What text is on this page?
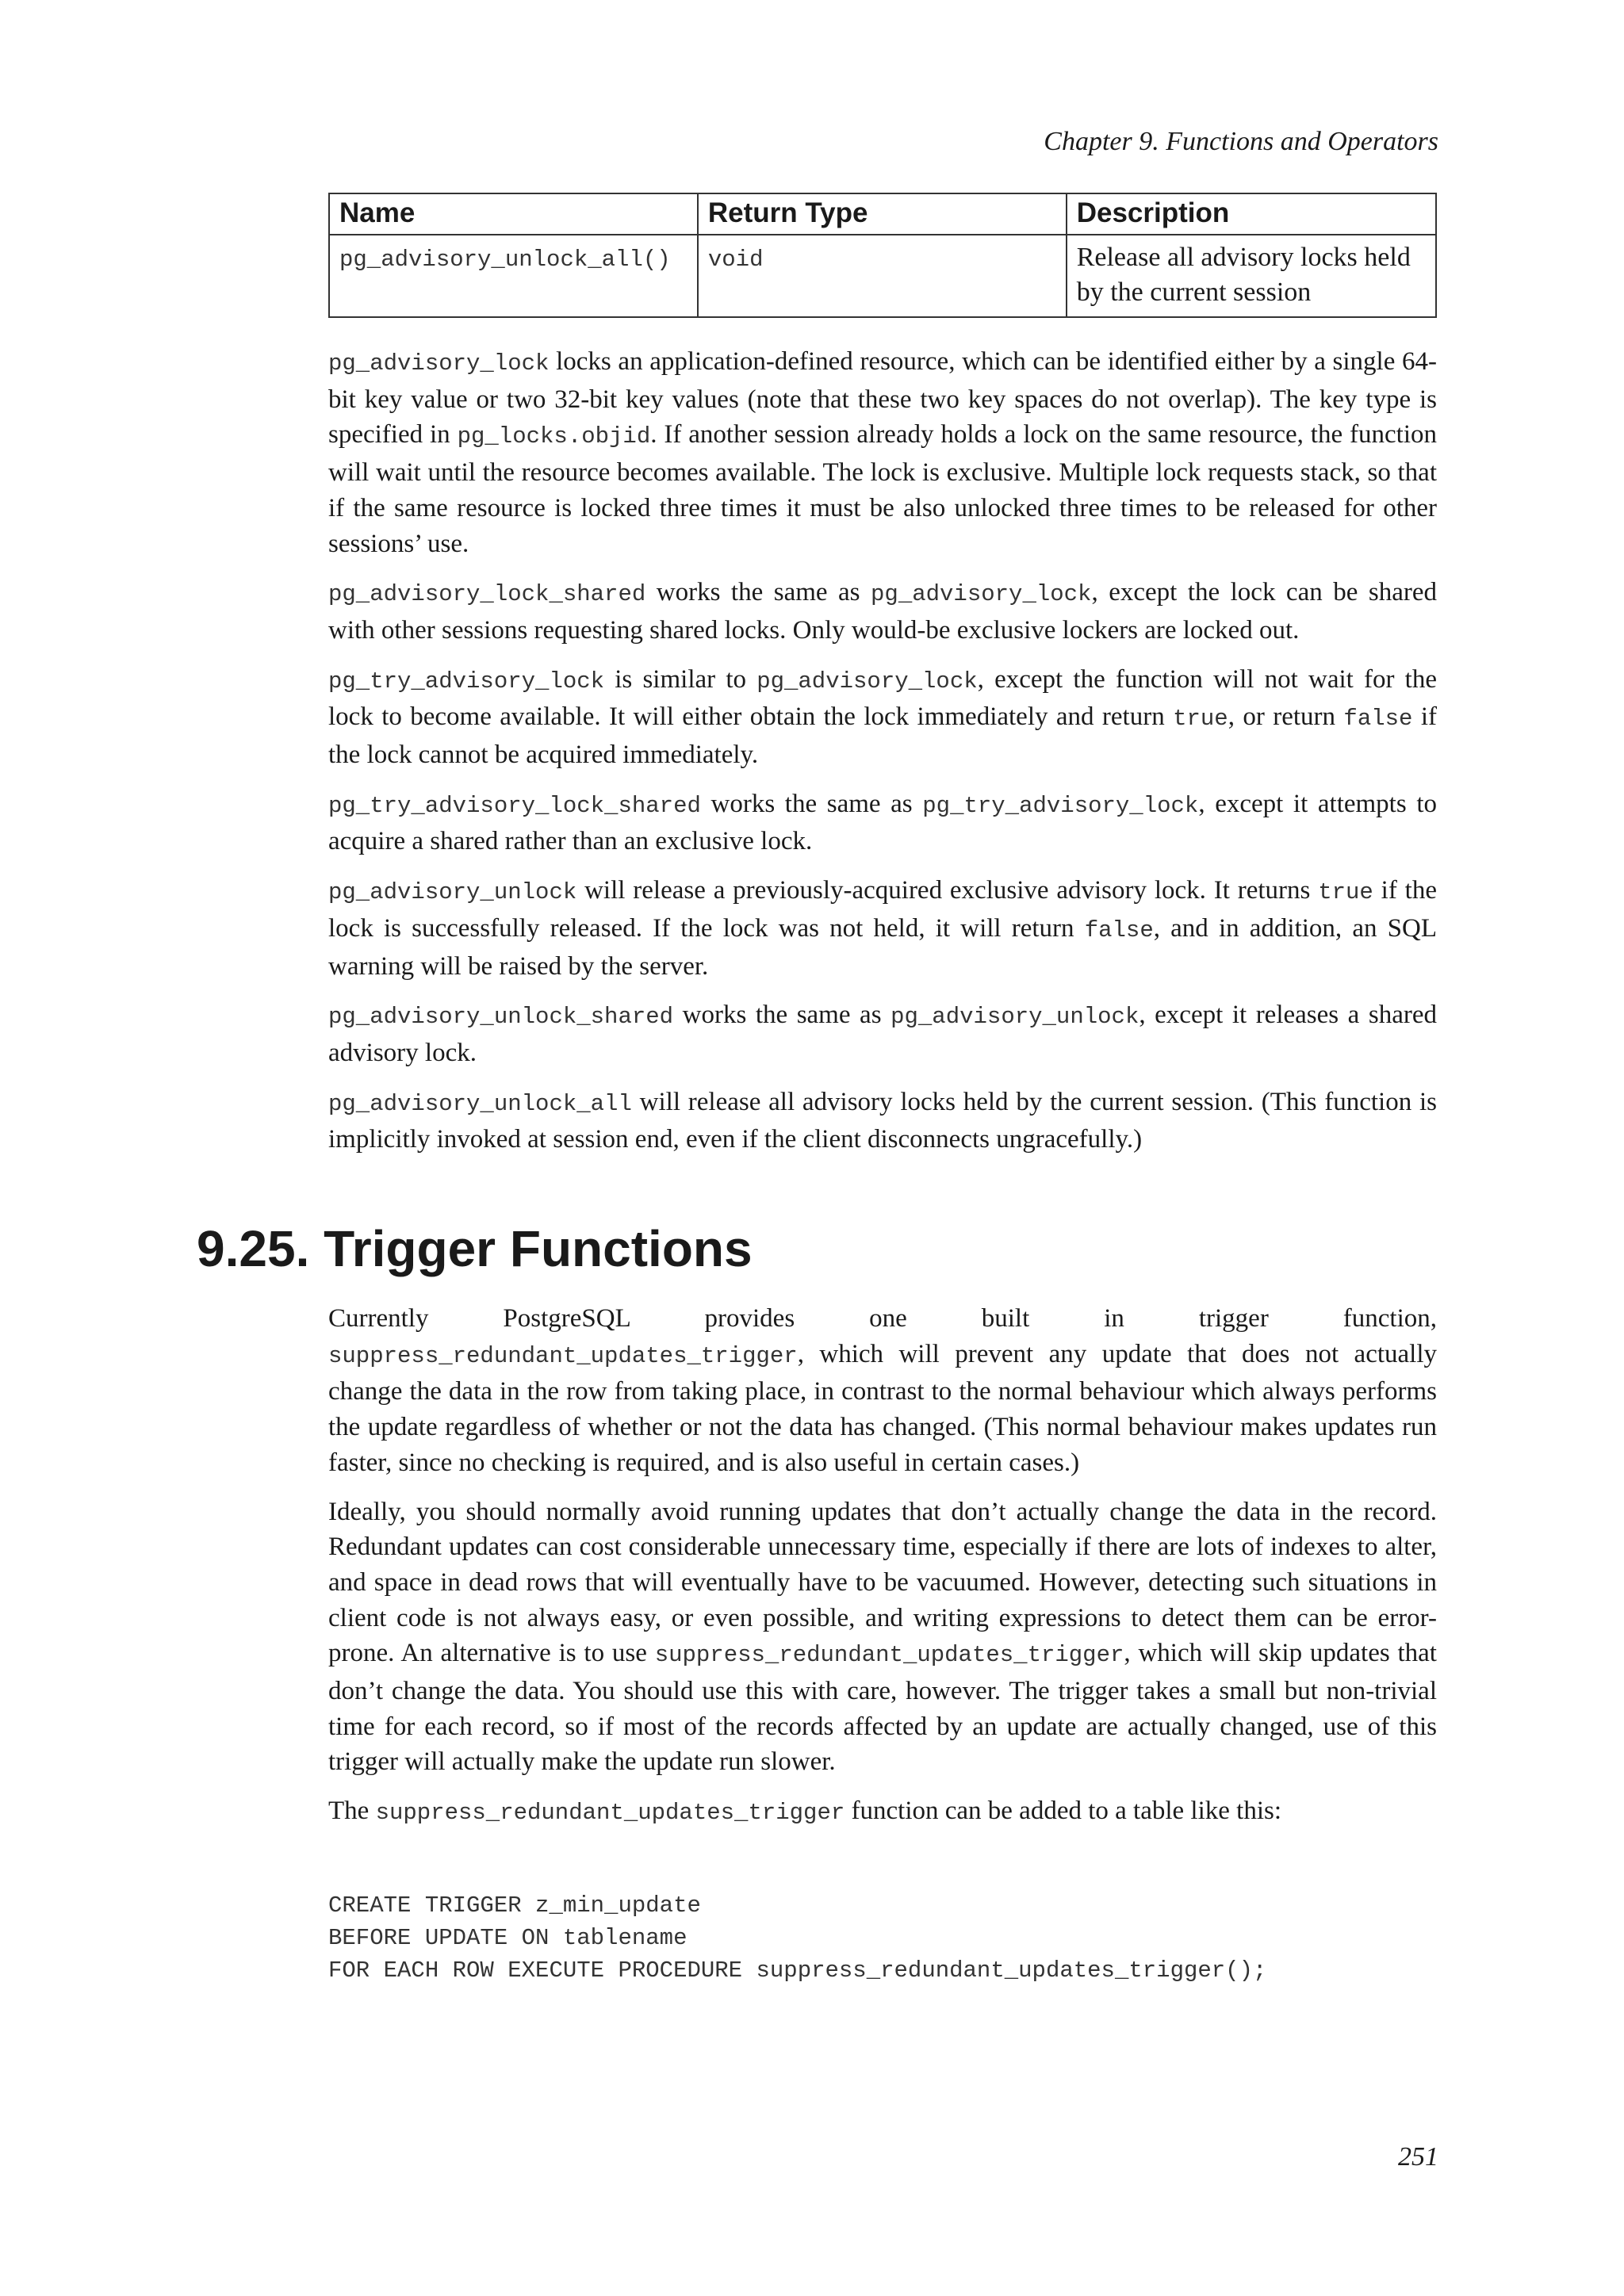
Chapter 9. Functions and Operators
Name	Return Type	Description
pg_advisory_unlock_all()	void	Release all advisory locks held by the current session

pg_advisory_lock locks an application-defined resource, which can be identified either by a single 64-bit key value or two 32-bit key values (note that these two key spaces do not overlap). The key type is specified in pg_locks.objid. If another session already holds a lock on the same resource, the function will wait until the resource becomes available. The lock is exclusive. Multiple lock requests stack, so that if the same resource is locked three times it must be also unlocked three times to be released for other sessions’ use.

pg_advisory_lock_shared works the same as pg_advisory_lock, except the lock can be shared with other sessions requesting shared locks. Only would-be exclusive lockers are locked out.

pg_try_advisory_lock is similar to pg_advisory_lock, except the function will not wait for the lock to become available. It will either obtain the lock immediately and return true, or return false if the lock cannot be acquired immediately.

pg_try_advisory_lock_shared works the same as pg_try_advisory_lock, except it attempts to acquire a shared rather than an exclusive lock.

pg_advisory_unlock will release a previously-acquired exclusive advisory lock. It returns true if the lock is successfully released. If the lock was not held, it will return false, and in addition, an SQL warning will be raised by the server.

pg_advisory_unlock_shared works the same as pg_advisory_unlock, except it releases a shared advisory lock.

pg_advisory_unlock_all will release all advisory locks held by the current session. (This function is implicitly invoked at session end, even if the client disconnects ungracefully.)

9.25. Trigger Functions

Currently PostgreSQL provides one built in trigger function, suppress_redundant_updates_trigger, which will prevent any update that does not actually change the data in the row from taking place, in contrast to the normal behaviour which always performs the update regardless of whether or not the data has changed. (This normal behaviour makes updates run faster, since no checking is required, and is also useful in certain cases.)

Ideally, you should normally avoid running updates that don’t actually change the data in the record. Redundant updates can cost considerable unnecessary time, especially if there are lots of indexes to alter, and space in dead rows that will eventually have to be vacuumed. However, detecting such situations in client code is not always easy, or even possible, and writing expressions to detect them can be error-prone. An alternative is to use suppress_redundant_updates_trigger, which will skip updates that don’t change the data. You should use this with care, however. The trigger takes a small but non-trivial time for each record, so if most of the records affected by an update are actually changed, use of this trigger will actually make the update run slower.

The suppress_redundant_updates_trigger function can be added to a table like this:

CREATE TRIGGER z_min_update
BEFORE UPDATE ON tablename
FOR EACH ROW EXECUTE PROCEDURE suppress_redundant_updates_trigger();
251
